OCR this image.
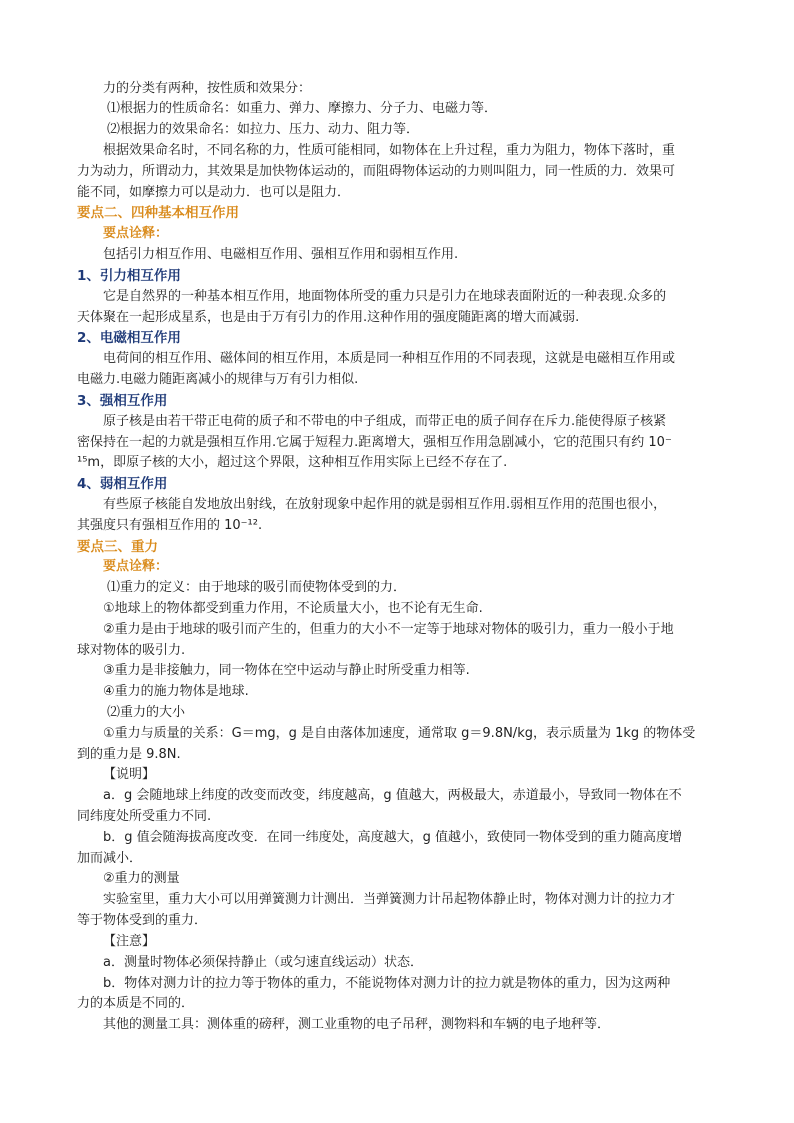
力的分类有两种，按性质和效果分：
⑴根据力的性质命名：如重力、弹力、摩擦力、分子力、电磁力等．
⑵根据力的效果命名：如拉力、压力、动力、阻力等．
根据效果命名时，不同名称的力，性质可能相同，如物体在上升过程，重力为阻力，物体下落时，重
力为动力，所谓动力，其效果是加快物体运动的，而阻碍物体运动的力则叫阻力，同一性质的力．效果可
能不同，如摩擦力可以是动力．也可以是阻力．
要点二、四种基本相互作用
要点诠释：
包括引力相互作用、电磁相互作用、强相互作用和弱相互作用.
1、引力相互作用
它是自然界的一种基本相互作用，地面物体所受的重力只是引力在地球表面附近的一种表现.众多的
天体聚在一起形成星系，也是由于万有引力的作用.这种作用的强度随距离的增大而减弱.
2、电磁相互作用
电荷间的相互作用、磁体间的相互作用，本质是同一种相互作用的不同表现，这就是电磁相互作用或
电磁力.电磁力随距离减小的规律与万有引力相似.
3、强相互作用
原子核是由若干带正电荷的质子和不带电的中子组成，而带正电的质子间存在斥力.能使得原子核紧
密保持在一起的力就是强相互作用.它属于短程力.距离增大，强相互作用急剧减小，它的范围只有约 10⁻
¹⁵m，即原子核的大小，超过这个界限，这种相互作用实际上已经不存在了.
4、弱相互作用
有些原子核能自发地放出射线，在放射现象中起作用的就是弱相互作用.弱相互作用的范围也很小，
其强度只有强相互作用的 10⁻¹².
要点三、重力
要点诠释：
⑴重力的定义：由于地球的吸引而使物体受到的力．
①地球上的物体都受到重力作用，不论质量大小，也不论有无生命.
②重力是由于地球的吸引而产生的，但重力的大小不一定等于地球对物体的吸引力，重力一般小于地
球对物体的吸引力.
③重力是非接触力，同一物体在空中运动与静止时所受重力相等.
④重力的施力物体是地球.
⑵重力的大小
①重力与质量的关系：G＝mg，g 是自由落体加速度，通常取 g＝9.8N/kg，表示质量为 1kg 的物体受
到的重力是 9.8N.
【说明】
a．g 会随地球上纬度的改变而改变，纬度越高，g 值越大，两极最大，赤道最小，导致同一物体在不
同纬度处所受重力不同.
b．g 值会随海拔高度改变．在同一纬度处，高度越大，g 值越小，致使同一物体受到的重力随高度增
加而减小．
②重力的测量
实验室里，重力大小可以用弹簧测力计测出．当弹簧测力计吊起物体静止时，物体对测力计的拉力才
等于物体受到的重力．
【注意】
a．测量时物体必须保持静止（或匀速直线运动）状态．
b．物体对测力计的拉力等于物体的重力，不能说物体对测力计的拉力就是物体的重力，因为这两种
力的本质是不同的．
其他的测量工具：测体重的磅秤，测工业重物的电子吊秤，测物料和车辆的电子地秤等．
